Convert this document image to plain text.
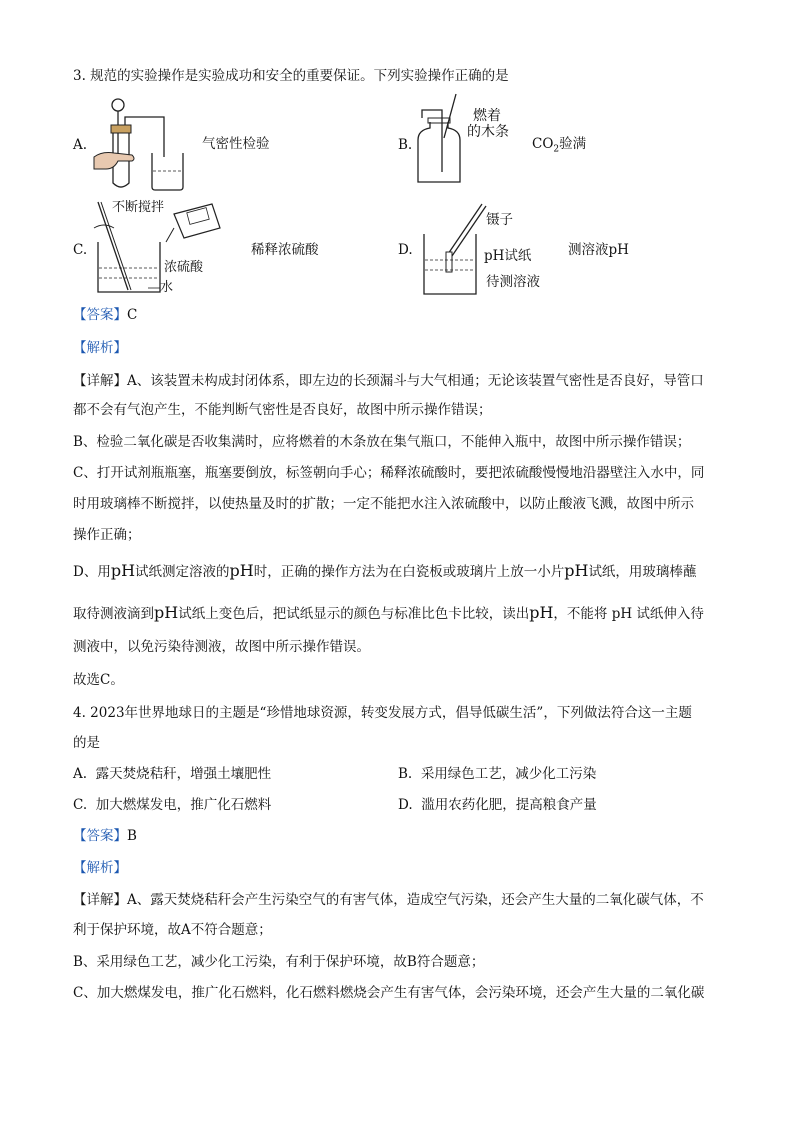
3. 规范的实验操作是实验成功和安全的重要保证。下列实验操作正确的是
A.	气密性检验	B.
燃着
的木条
$CO_2$验满
C.
不断搅拌
浓硫酸
水
稀释浓硫酸	D.
镊子
pH试纸
待测溶液
测溶液pH
【答案】C
【解析】
【详解】A、该装置未构成封闭体系，即左边的长颈漏斗与大气相通；无论该装置气密性是否良好，导管口
都不会有气泡产生，不能判断气密性是否良好，故图中所示操作错误；
B、检验二氧化碳是否收集满时，应将燃着的木条放在集气瓶口，不能伸入瓶中，故图中所示操作错误；
C、打开试剂瓶瓶塞，瓶塞要倒放，标签朝向手心；稀释浓硫酸时，要把浓硫酸慢慢地沿器壁注入水中，同
时用玻璃棒不断搅拌，以使热量及时的扩散；一定不能把水注入浓硫酸中，以防止酸液飞溅，故图中所示
操作正确；
D、用pH试纸测定溶液的pH时，正确的操作方法为在白瓷板或玻璃片上放一小片pH试纸，用玻璃棒蘸
取待测液滴到pH试纸上变色后，把试纸显示的颜色与标准比色卡比较，读出pH，不能将 pH 试纸伸入待
测液中，以免污染待测液，故图中所示操作错误。
故选C。
4. 2023年世界地球日的主题是“珍惜地球资源，转变发展方式，倡导低碳生活”，下列做法符合这一主题
的是
A. 露天焚烧秸秆，增强土壤肥性	B. 采用绿色工艺，减少化工污染
C. 加大燃煤发电，推广化石燃料	D. 滥用农药化肥，提高粮食产量
【答案】B
【解析】
【详解】A、露天焚烧秸秆会产生污染空气的有害气体，造成空气污染，还会产生大量的二氧化碳气体，不
利于保护环境，故A不符合题意；
B、采用绿色工艺，减少化工污染，有利于保护环境，故B符合题意；
C、加大燃煤发电，推广化石燃料，化石燃料燃烧会产生有害气体，会污染环境，还会产生大量的二氧化碳
